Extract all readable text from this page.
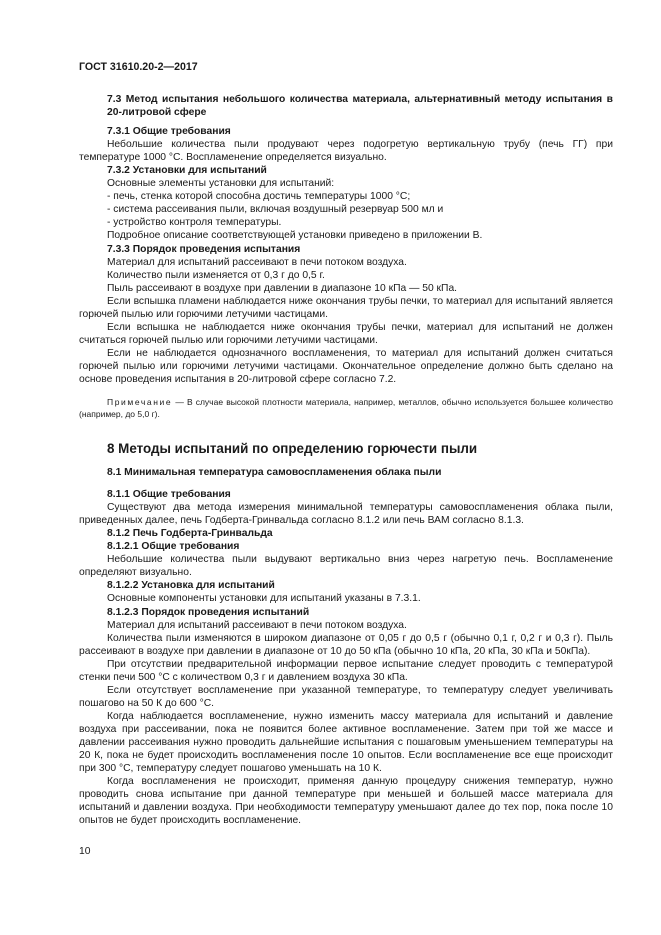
ГОСТ 31610.20-2—2017

7.3 Метод испытания небольшого количества материала, альтернативный методу испытания в 20-литровой сфере

7.3.1 Общие требования

Небольшие количества пыли продувают через подогретую вертикальную трубу (печь ГГ) при температуре 1000 °С. Воспламенение определяется визуально.

7.3.2 Установки для испытаний

Основные элементы установки для испытаний:

- печь, стенка которой способна достичь температуры 1000 °С;

- система рассеивания пыли, включая воздушный резервуар 500 мл и

- устройство контроля температуры.

Подробное описание соответствующей установки приведено в приложении В.

7.3.3 Порядок проведения испытания

Материал для испытаний рассеивают в печи потоком воздуха.

Количество пыли изменяется от 0,3 г до 0,5 г.

Пыль рассеивают в воздухе при давлении в диапазоне 10 кПа — 50 кПа.

Если вспышка пламени наблюдается ниже окончания трубы печки, то материал для испытаний является горючей пылью или горючими летучими частицами.

Если вспышка не наблюдается ниже окончания трубы печки, материал для испытаний не должен считаться горючей пылью или горючими летучими частицами.

Если не наблюдается однозначного воспламенения, то материал для испытаний должен считаться горючей пылью или горючими летучими частицами. Окончательное определение должно быть сделано на основе проведения испытания в 20-литровой сфере согласно 7.2.

Примечание — В случае высокой плотности материала, например, металлов, обычно используется большее количество (например, до 5,0 г).

8 Методы испытаний по определению горючести пыли

8.1 Минимальная температура самовоспламенения облака пыли

8.1.1 Общие требования

Существуют два метода измерения минимальной температуры самовоспламенения облака пыли, приведенных далее, печь Годберта-Гринвальда согласно 8.1.2 или печь ВАМ согласно 8.1.3.

8.1.2 Печь Годберта-Гринвальда

8.1.2.1 Общие требования

Небольшие количества пыли выдувают вертикально вниз через нагретую печь. Воспламенение определяют визуально.

8.1.2.2 Установка для испытаний

Основные компоненты установки для испытаний указаны в 7.3.1.

8.1.2.3 Порядок проведения испытаний

Материал для испытаний рассеивают в печи потоком воздуха.

Количества пыли изменяются в широком диапазоне от 0,05 г до 0,5 г (обычно 0,1 г, 0,2 г и 0,3 г). Пыль рассеивают в воздухе при давлении в диапазоне от 10 до 50 кПа (обычно 10 кПа, 20 кПа, 30 кПа и 50кПа).

При отсутствии предварительной информации первое испытание следует проводить с температурой стенки печи 500 °С с количеством 0,3 г и давлением воздуха 30 кПа.

Если отсутствует воспламенение при указанной температуре, то температуру следует увеличивать пошагово на 50 К до 600 °С.

Когда наблюдается воспламенение, нужно изменить массу материала для испытаний и давление воздуха при рассеивании, пока не появится более активное воспламенение. Затем при той же массе и давлении рассеивания нужно проводить дальнейшие испытания с пошаговым уменьшением температуры на 20 К, пока не будет происходить воспламенения после 10 опытов. Если воспламенение все еще происходит при 300 °С, температуру следует пошагово уменьшать на 10 К.

Когда воспламенения не происходит, применяя данную процедуру снижения температур, нужно проводить снова испытание при данной температуре при меньшей и большей массе материала для испытаний и давлении воздуха. При необходимости температуру уменьшают далее до тех пор, пока после 10 опытов не будет происходить воспламенение.

10
